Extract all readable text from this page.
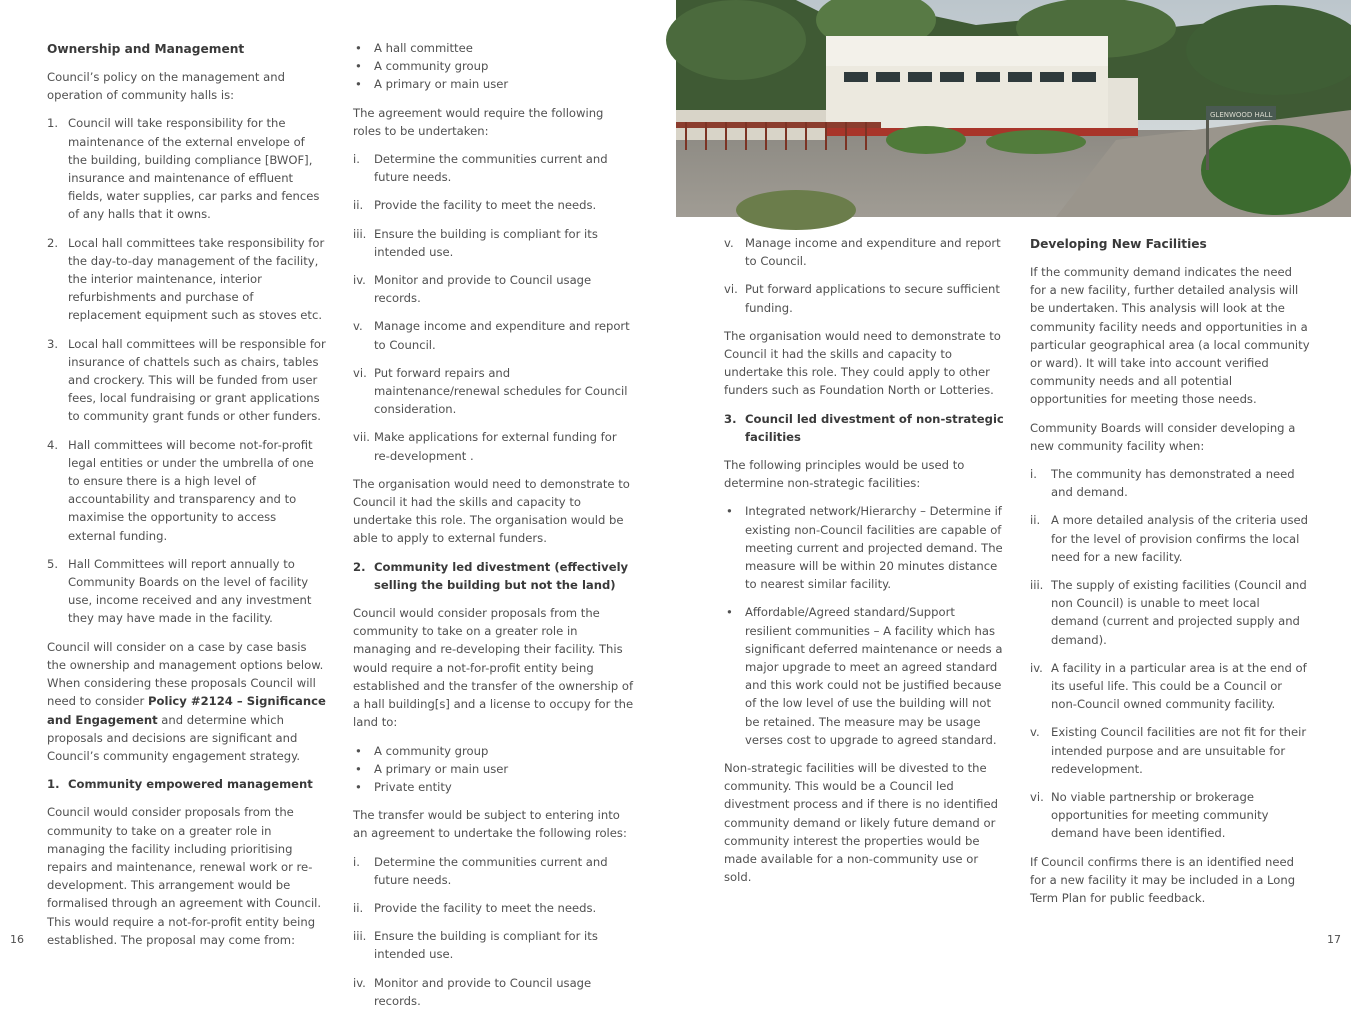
GLENWOOD HALL
Ownership and Management

Council’s policy on the management and operation of community halls is:

1. Council will take responsibility for the maintenance of the external envelope of the building, building compliance [BWOF], insurance and maintenance of effluent fields, water supplies, car parks and fences of any halls that it owns.
2. Local hall committees take responsibility for the day-to-day management of the facility, the interior maintenance, interior refurbishments and purchase of replacement equipment such as stoves etc.
3. Local hall committees will be responsible for insurance of chattels such as chairs, tables and crockery. This will be funded from user fees, local fundraising or grant applications to community grant funds or other funders.
4. Hall committees will become not-for-profit legal entities or under the umbrella of one to ensure there is a high level of accountability and transparency and to maximise the opportunity to access external funding.
5. Hall Committees will report annually to Community Boards on the level of facility use, income received and any investment they may have made in the facility.

Council will consider on a case by case basis the ownership and management options below. When considering these proposals Council will need to consider Policy #2124 – Significance and Engagement and determine which proposals and decisions are significant and Council’s community engagement strategy.

1. Community empowered management

Council would consider proposals from the community to take on a greater role in managing the facility including prioritising repairs and maintenance, renewal work or re-development. This arrangement would be formalised through an agreement with Council. This would require a not-for-profit entity being established. The proposal may come from:

• A hall committee
• A community group
• A primary or main user

The agreement would require the following roles to be undertaken:

i. Determine the communities current and future needs.
ii. Provide the facility to meet the needs.
iii. Ensure the building is compliant for its intended use.
iv. Monitor and provide to Council usage records.
v. Manage income and expenditure and report to Council.
vi. Put forward repairs and maintenance/renewal schedules for Council consideration.
vii. Make applications for external funding for re-development .

The organisation would need to demonstrate to Council it had the skills and capacity to undertake this role. The organisation would be able to apply to external funders.

2. Community led divestment (effectively selling the building but not the land)

Council would consider proposals from the community to take on a greater role in managing and re-developing their facility. This would require a not-for-profit entity being established and the transfer of the ownership of a hall building[s] and a license to occupy for the land to:

• A community group
• A primary or main user
• Private entity

The transfer would be subject to entering into an agreement to undertake the following roles:

i. Determine the communities current and future needs.
ii. Provide the facility to meet the needs.
iii. Ensure the building is compliant for its intended use.
iv. Monitor and provide to Council usage records.
v. Manage income and expenditure and report to Council.
vi. Put forward applications to secure sufficient funding.

The organisation would need to demonstrate to Council it had the skills and capacity to undertake this role. They could apply to other funders such as Foundation North or Lotteries.

3. Council led divestment of non-strategic facilities

The following principles would be used to determine non-strategic facilities:

• Integrated network/Hierarchy – Determine if existing non-Council facilities are capable of meeting current and projected demand. The measure will be within 20 minutes distance to nearest similar facility.
• Affordable/Agreed standard/Support resilient communities – A facility which has significant deferred maintenance or needs a major upgrade to meet an agreed standard and this work could not be justified because of the low level of use the building will not be retained. The measure may be usage verses cost to upgrade to agreed standard.

Non-strategic facilities will be divested to the community. This would be a Council led divestment process and if there is no identified community demand or likely future demand or community interest the properties would be made available for a non-community use or sold.

Developing New Facilities

If the community demand indicates the need for a new facility, further detailed analysis will be undertaken. This analysis will look at the community facility needs and opportunities in a particular geographical area (a local community or ward). It will take into account verified community needs and all potential opportunities for meeting those needs.

Community Boards will consider developing a new community facility when:

i. The community has demonstrated a need and demand.
ii. A more detailed analysis of the criteria used for the level of provision confirms the local need for a new facility.
iii. The supply of existing facilities (Council and non Council) is unable to meet local demand (current and projected supply and demand).
iv. A facility in a particular area is at the end of its useful life. This could be a Council or non-Council owned community facility.
v. Existing Council facilities are not fit for their intended purpose and are unsuitable for redevelopment.
vi. No viable partnership or brokerage opportunities for meeting community demand have been identified.

If Council confirms there is an identified need for a new facility it may be included in a Long Term Plan for public feedback.

16	17
